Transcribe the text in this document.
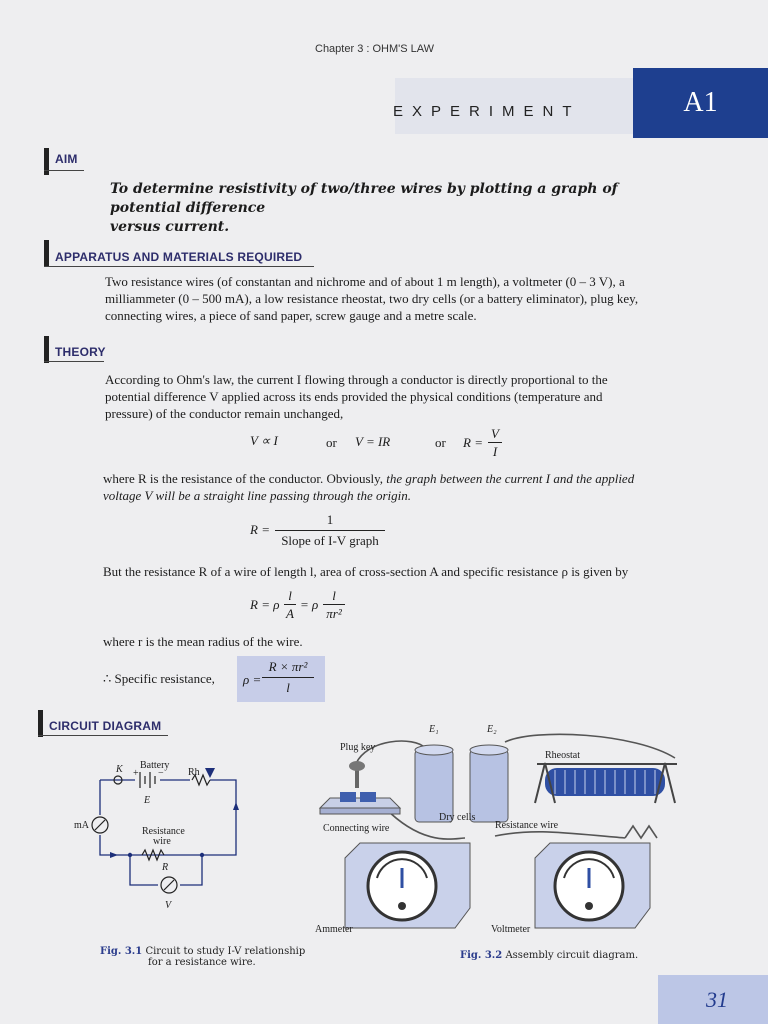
Chapter 3 : OHM'S LAW
EXPERIMENT	A1
AIM
To determine resistivity of two/three wires by plotting a graph of potential difference
versus current.
APPARATUS AND MATERIALS REQUIRED
Two resistance wires (of constantan and nichrome and of about 1 m length), a voltmeter (0 – 3 V), a
milliammeter (0 – 500 mA), a low resistance rheostat, two dry cells (or a battery eliminator), plug key,
connecting wires, a piece of sand paper, screw gauge and a metre scale.
THEORY
According to Ohm's law, the current I flowing through a conductor is directly proportional to the
potential difference V applied across its ends provided the physical conditions (temperature and
pressure) of the conductor remain unchanged,
V ∝ I	or V = IR	or R =
V
I
where R is the resistance of the conductor. Obviously, the graph between the current I and the applied
voltage V will be a straight line passing through the origin.
R =
1
Slope of I-V graph
But the resistance R of a wire of length l, area of cross-section A and specific resistance ρ is given by
R = ρ
l
A
= ρ
l
πr²
where r is the mean radius of the wire.
∴ Specific resistance, ρ =
R × πr²
l
CIRCUIT DIAGRAM
K Battery
Rh
+ −
E
mA
Resistance
wire
R
V
Fig. 3.1 Circuit to study I-V relationship
for a resistance wire.
Plug key
E₁	E₂
Rheostat
Dry cells
Connecting wire	Resistance wire
Ammeter	Voltmeter
Fig. 3.2 Assembly circuit diagram.
31
